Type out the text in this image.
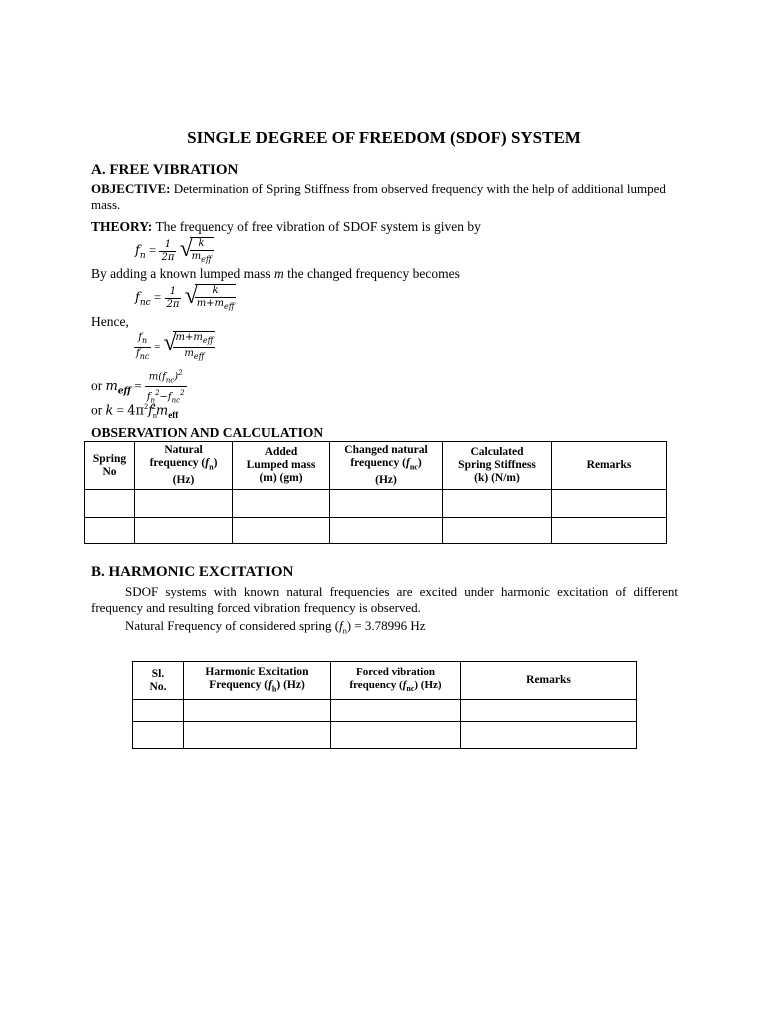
SINGLE DEGREE OF FREEDOM (SDOF) SYSTEM
A. FREE VIBRATION
OBJECTIVE: Determination of Spring Stiffness from observed frequency with the help of additional lumped mass.
THEORY: The frequency of free vibration of SDOF system is given by
$f_n = \frac{1}{2\pi}$
√
$\frac{k}{m_{eff}}$
By adding a known lumped mass m the changed frequency becomes
$f_{nc} = \frac{1}{2\pi}$
√
$\frac{k}{m+m_{eff}}$
Hence,
$\frac{f_n}{f_{nc}}$ = √
$\frac{m+m_{eff}}{m_{eff}}$
or $m_{eff} = \frac{m(f_{nc})^2}{f_n^2-f_{nc}^2}$
or $k = 4\pi^2f_n^2m_{eff}$
OBSERVATION AND CALCULATION
Spring
No	Natural
frequency $(f_n)$
(Hz)	Added
Lumped mass
(m) (gm)	Changed natural
frequency $(f_{nc})$
(Hz)	Calculated
Spring Stiffness
(k) (N/m)	Remarks

B. HARMONIC EXCITATION
SDOF systems with known natural frequencies are excited under harmonic excitation of different frequency and resulting forced vibration frequency is observed.
Natural Frequency of considered spring $(f_n) = 3.78996$ Hz
Sl.
No.	Harmonic Excitation
Frequency $(f_h)$ (Hz)	Forced vibration
frequency $(f_{nc})$ (Hz)	Remarks
